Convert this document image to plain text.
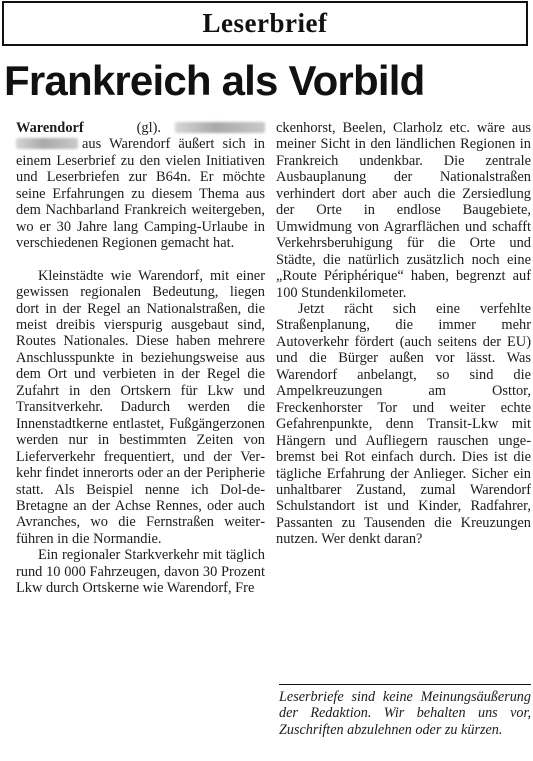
Leserbrief
Frankreich als Vorbild

Warendorf	(gl). aus Warendorf äußert sich in einem Leserbrief zu den vielen Initiativen und Leserbriefen zur B64n. Er möchte seine Erfahrungen zu diesem Thema aus dem Nachbarland Frankreich weitergeben, wo er 30 Jahre lang Camping-Urlaube in verschiedenen Regionen gemacht hat.

Kleinstädte wie Warendorf, mit einer gewissen regionalen Bedeutung, liegen dort in der Regel an Nationalstraßen, die meist dreibis vierspurig ausgebaut sind, Routes Nationales. Diese haben mehrere Anschlusspunkte in beziehungsweise aus dem Ort und verbieten in der Regel die Zufahrt in den Ortskern für Lkw und Transitverkehr. Dadurch werden die Innenstadtkerne entlastet, Fußgängerzonen werden nur in bestimmten Zeiten von Lieferverkehr frequentiert, und der Verkehr findet innerorts oder an der Peripherie statt. Als Beispiel nenne ich Dol-de-Bretagne an der Achse Rennes, oder auch Avranches, wo die Fernstraßen weiterführen in die Normandie.

Ein regionaler Starkverkehr mit täglich rund 10 000 Fahrzeugen, davon 30 Prozent Lkw durch Ortskerne wie Warendorf, Fre

ckenhorst, Beelen, Clarholz etc. wäre aus meiner Sicht in den ländlichen Regionen in Frankreich undenkbar. Die zentrale Ausbauplanung der Nationalstraßen verhindert dort aber auch die Zersiedlung der Orte in endlose Baugebiete, Umwidmung von Agrarflächen und schafft Verkehrsberuhigung für die Orte und Städte, die natürlich zusätzlich noch eine „Route Périphérique“ haben, begrenzt auf 100 Stundenkilometer.

Jetzt rächt sich eine verfehlte Straßenplanung, die immer mehr Autoverkehr fördert (auch seitens der EU) und die Bürger außen vor lässt. Was Warendorf anbelangt, so sind die Ampelkreuzungen am Osttor, Freckenhorster Tor und weiter echte Gefahrenpunkte, denn Transit-Lkw mit Hängern und Aufliegern rauschen ungebremst bei Rot einfach durch. Dies ist die tägliche Erfahrung der Anlieger. Sicher ein unhaltbarer Zustand, zumal Warendorf Schulstandort ist und Kinder, Radfahrer, Passanten zu Tausenden die Kreuzungen nutzen. Wer denkt daran?

Leserbriefe sind keine Meinungsäußerung der Redaktion. Wir behalten uns vor, Zuschriften abzulehnen oder zu kürzen.
